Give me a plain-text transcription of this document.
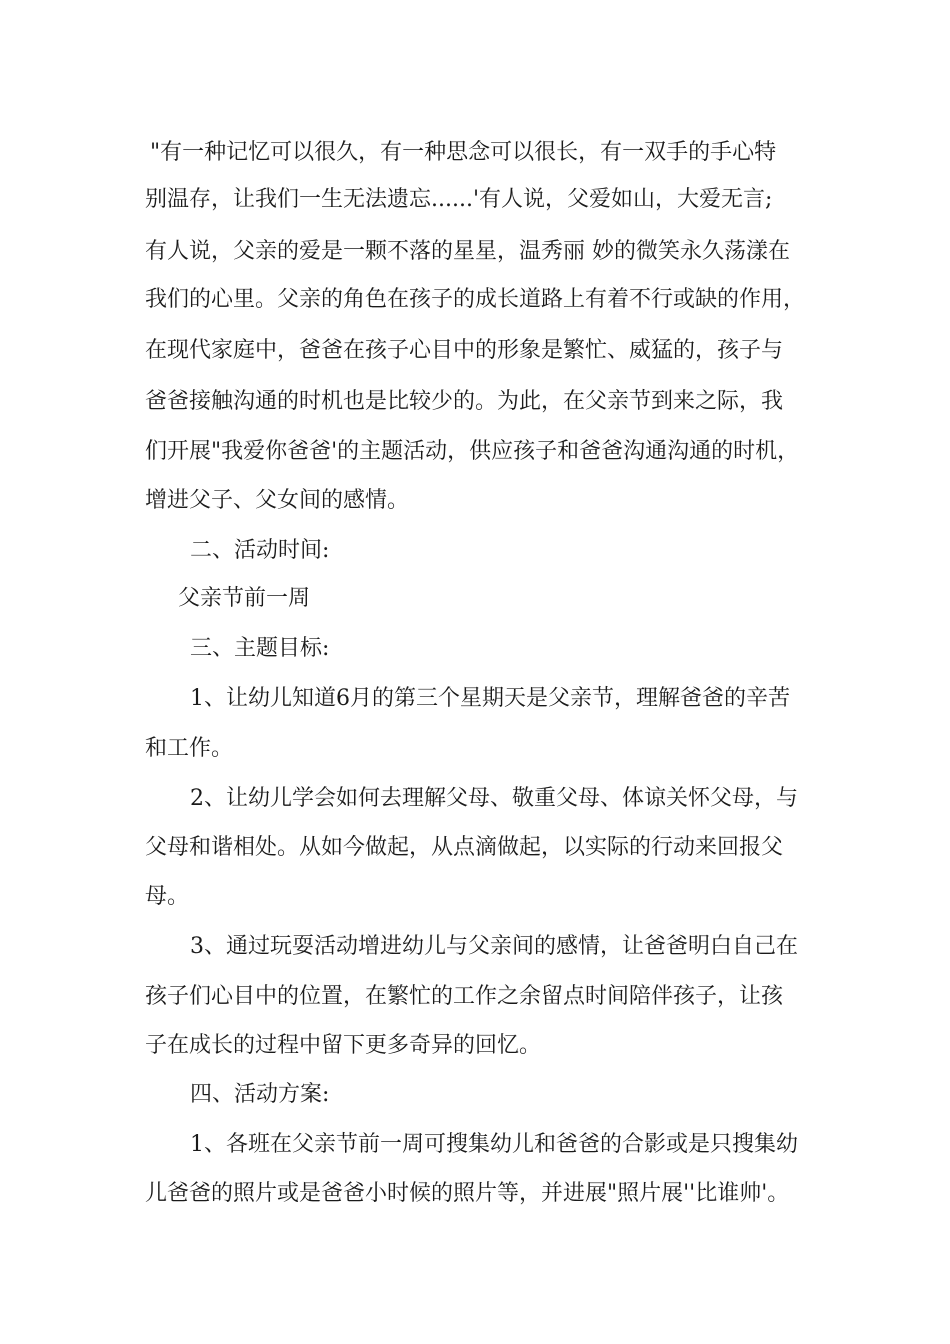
"有一种记忆可以很久，有一种思念可以很长，有一双手的手心特
别温存，让我们一生无法遗忘......'有人说，父爱如山，大爱无言;
有人说，父亲的爱是一颗不落的星星，温秀丽 妙的微笑永久荡漾在
我们的心里。父亲的角色在孩子的成长道路上有着不行或缺的作用，
在现代家庭中，爸爸在孩子心目中的形象是繁忙、威猛的，孩子与
爸爸接触沟通的时机也是比较少的。为此，在父亲节到来之际，我
们开展"我爱你爸爸'的主题活动，供应孩子和爸爸沟通沟通的时机，
增进父子、父女间的感情。
二、活动时间:
父亲节前一周
三、主题目标:
1、让幼儿知道6月的第三个星期天是父亲节，理解爸爸的辛苦
和工作。
2、让幼儿学会如何去理解父母、敬重父母、体谅关怀父母，与
父母和谐相处。从如今做起，从点滴做起，以实际的行动来回报父
母。
3、通过玩耍活动增进幼儿与父亲间的感情，让爸爸明白自己在
孩子们心目中的位置，在繁忙的工作之余留点时间陪伴孩子，让孩
子在成长的过程中留下更多奇异的回忆。
四、活动方案:
1、各班在父亲节前一周可搜集幼儿和爸爸的合影或是只搜集幼
儿爸爸的照片或是爸爸小时候的照片等，并进展"照片展''比谁帅'。
